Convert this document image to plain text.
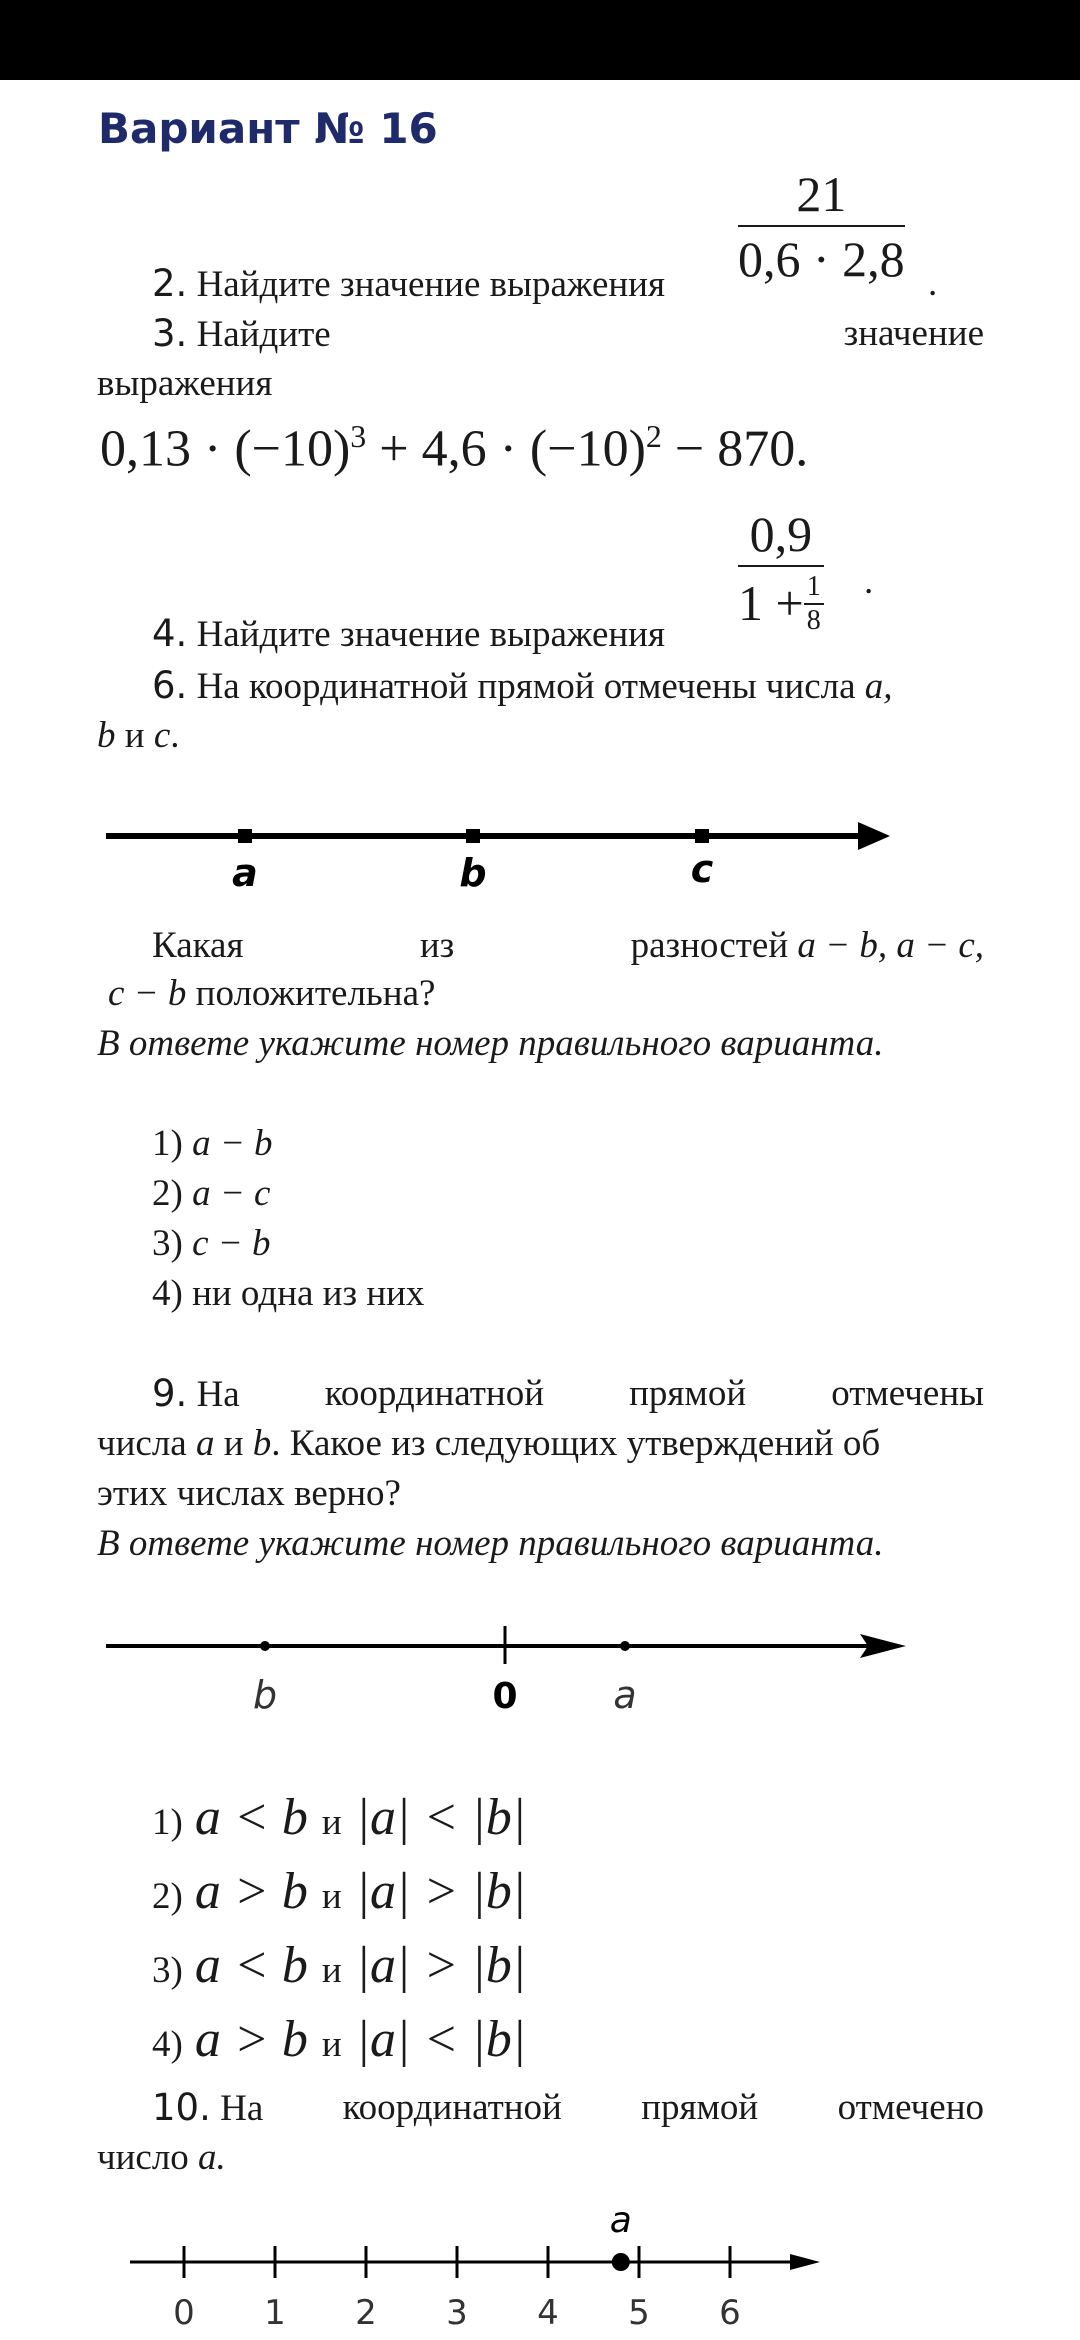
Вариант № 16
2. Найдите значение выражения
21
0,6 · 2,8 .
3. Найдите	значение
выражения
$0,13 \cdot (-10)^3 + 4,6 \cdot (-10)^2 - 870$.
4. Найдите значение выражения
0,9
1 + 1
8
.
6. На координатной прямой отмечены числа a,
b и c.
a	b	c
Какая	из	разностей a − b, a − c,
c − b положительна?
В ответе укажите номер правильного варианта.
1) a − b
2) a − c
3) c − b
4) ни одна из них
9. На координатной прямой отмечены
числа a и b. Какое из следующих утверждений об
этих числах верно?
В ответе укажите номер правильного варианта.
b	0	a
1) a < b и |a| < |b|
2) a > b и |a| > |b|
3) a < b и |a| > |b|
4) a > b и |a| < |b|
10. На координатной прямой отмечено
число a.
0 1 2 3 4 5 6
a
